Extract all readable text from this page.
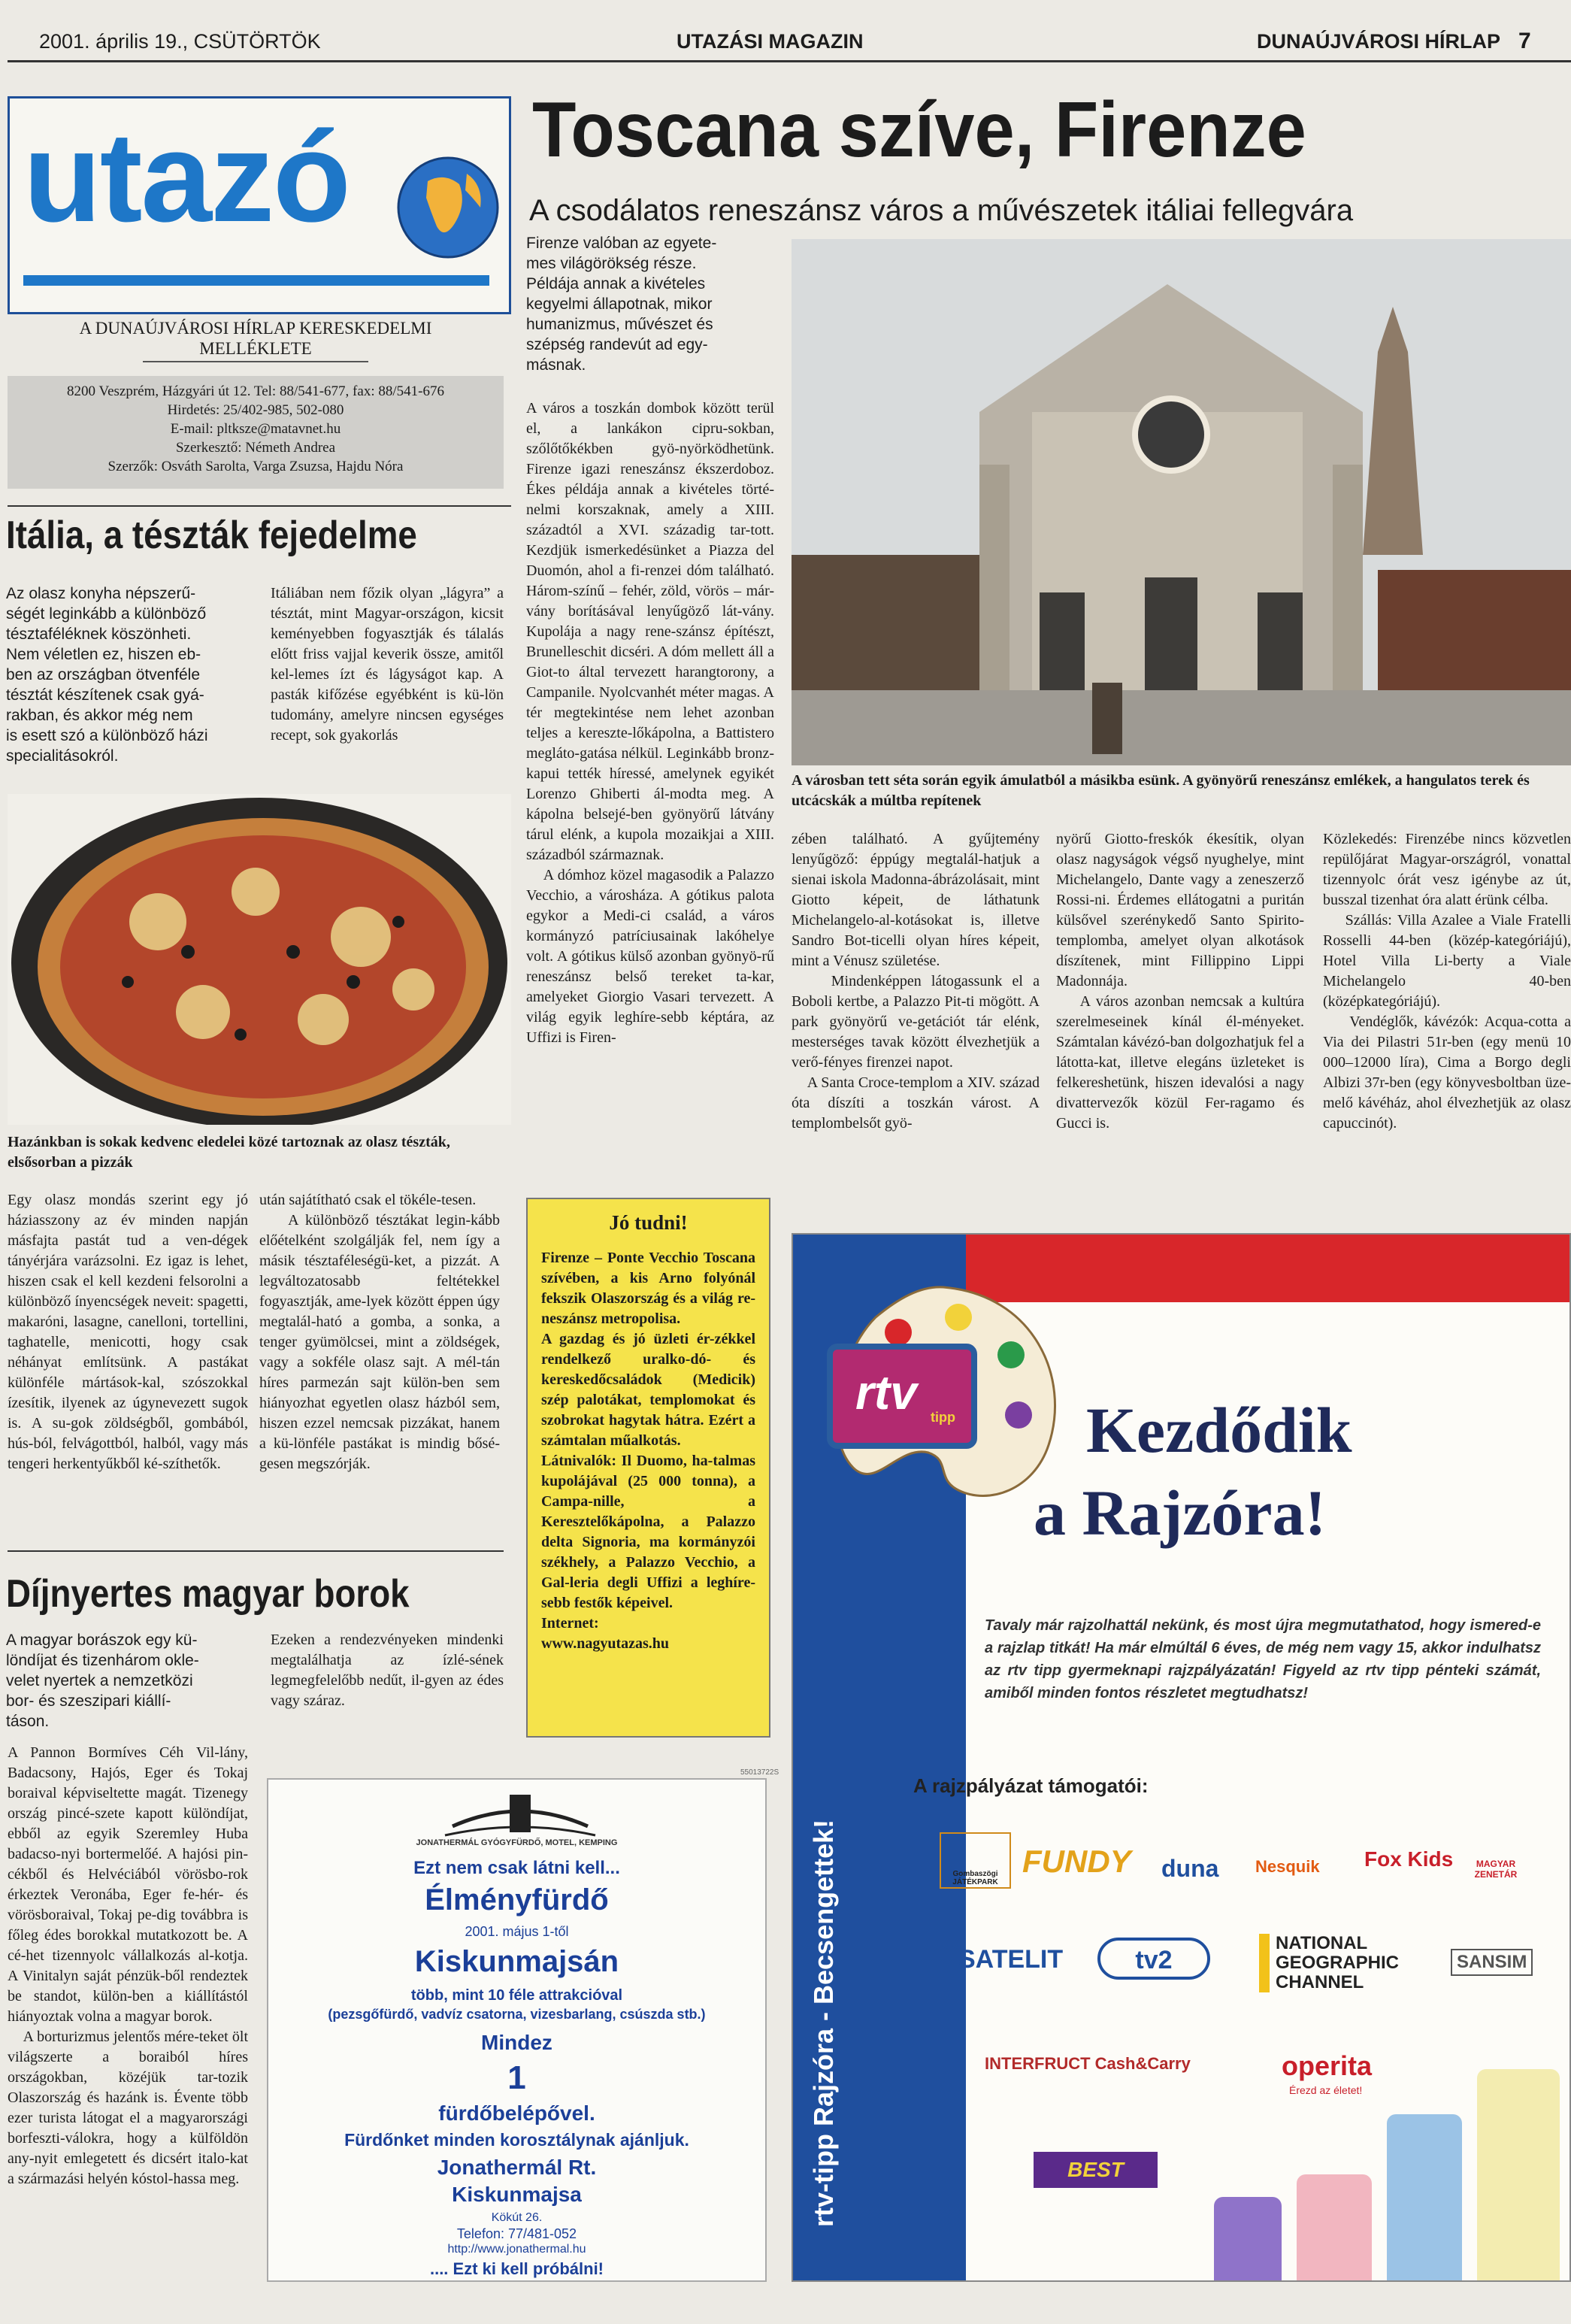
2001. április 19., CSÜTÖRTÖK	UTAZÁSI MAGAZIN	DUNAÚJVÁROSI HÍRLAP 7
utazó
A DUNAÚJVÁROSI HÍRLAP KERESKEDELMI MELLÉKLETE
8200 Veszprém, Házgyári út 12. Tel: 88/541-677, fax: 88/541-676
Hirdetés: 25/402-985, 502-080
E-mail: pltksze@matavnet.hu
Szerkesztő: Németh Andrea
Szerzők: Osváth Sarolta, Varga Zsuzsa, Hajdu Nóra
Itália, a tészták fejedelme
Az olasz konyha népszerű-
ségét leginkább a különböző
tésztaféléknek köszönheti.
Nem véletlen ez, hiszen eb-
ben az országban ötvenféle
tésztát készítenek csak gyá-
rakban, és akkor még nem
is esett szó a különböző házi
specialitásokról.
Itáliában nem főzik olyan „lágyra” a tésztát, mint Magyar-országon, kicsit keményebben fogyasztják és tálalás előtt friss vajjal keverik össze, amitől kel-lemes ízt és lágyságot kap. A pasták kifőzése egyébként is kü-lön tudomány, amelyre nincsen egységes recept, sok gyakorlás
Hazánkban is sokak kedvenc eledelei közé tartoznak az olasz tészták, elsősorban a pizzák
Egy olasz mondás szerint egy jó háziasszony az év minden napján másfajta pastát tud a ven-dégek tányérjára varázsolni. Ez igaz is lehet, hiszen csak el kell kezdeni felsorolni a különböző ínyencségek neveit: spagetti, makaróni, lasagne, canelloni, tortellini, taghatelle, menicotti, hogy csak néhányat említsünk. A pastákat különféle mártások-kal, szószokkal ízesítik, ilyenek az úgynevezett sugok is. A su-gok zöldségből, gombából, hús-ból, felvágottból, halból, vagy más tengeri herkentyűkből ké-szíthetők.
után sajátítható csak el tökéle-tesen.
A különböző tésztákat legin-kább előételként szolgálják fel, nem így a másik tésztaféleségü-ket, a pizzát. A legváltozatosabb feltétekkel fogyasztják, ame-lyek között éppen úgy megtalál-ható a gomba, a sonka, a tenger gyümölcsei, mint a zöldségek, vagy a sokféle olasz sajt. A mél-tán híres parmezán sajt külön-ben sem hiányozhat egyetlen olasz házból sem, hiszen ezzel nemcsak pizzákat, hanem a kü-lönféle pastákat is mindig bősé-gesen megszórják.
Díjnyertes magyar borok
A magyar borászok egy kü-
löndíjat és tizenhárom okle-
velet nyertek a nemzetközi
bor- és szeszipari kiállí-
táson.
Ezeken a rendezvényeken mindenki megtalálhatja az ízlé-sének legmegfelelőbb nedűt, il-gyen az édes vagy száraz.
A Pannon Bormíves Céh Vil-lány, Badacsony, Hajós, Eger és Tokaj boraival képviseltette magát. Tizenegy ország pincé-szete kapott különdíjat, ebből az egyik Szeremley Huba badacso-nyi bortermelőé. A hajósi pin-cékből és Helvéciából vörösbo-rok érkeztek Veronába, Eger fe-hér- és vörösboraival, Tokaj pe-dig továbbra is főleg édes borokkal mutatkozott be. A cé-het tizennyolc vállalkozás al-kotja. A Vinitalyn saját pénzük-ből rendeztek be standot, külön-ben a kiállítástól hiányoztak volna a magyar borok.
A borturizmus jelentős mére-teket ölt világszerte a boraiból híres országokban, közéjük tar-tozik Olaszország és hazánk is. Évente több ezer turista látogat el a magyarországi borfeszti-válokra, hogy a külföldön any-nyit emlegetett és dicsért italo-kat a származási helyén kóstol-hassa meg.
Toscana szíve, Firenze
A csodálatos reneszánsz város a művészetek itáliai fellegvára
Firenze valóban az egyete-
mes világörökség része.
Példája annak a kivételes
kegyelmi állapotnak, mikor
humanizmus, művészet és
szépség randevút ad egy-
másnak.
A város a toszkán dombok között terül el, a lankákon cipru-sokban, szőlőtőkékben gyö-nyörködhetünk. Firenze igazi reneszánsz ékszerdoboz. Ékes példája annak a kivételes törté-nelmi korszaknak, amely a XIII. századtól a XVI. századig tar-tott. Kezdjük ismerkedésünket a Piazza del Duomón, ahol a fi-renzei dóm található. Három-színű – fehér, zöld, vörös – már-vány borításával lenyűgöző lát-vány. Kupolája a nagy rene-szánsz építészt, Brunelleschit dicséri. A dóm mellett áll a Giot-to által tervezett harangtorony, a Campanile. Nyolcvanhét méter magas. A tér megtekintése nem lehet azonban teljes a kereszte-lőkápolna, a Battistero meglátо-gatása nélkül. Leginkább bronz-kapui tették híressé, amelynek egyikét Lorenzo Ghiberti ál-modta meg. A kápolna belsejé-ben gyönyörű látvány tárul elénk, a kupola mozaikjai a XIII. századból származnak.
A dómhoz közel magasodik a Palazzo Vecchio, a városháza. A gótikus palota egykor a Medi-ci család, a város kormányzó patríciusainak lakóhelye volt. A gótikus külső azonban gyönyö-rű reneszánsz belső tereket ta-kar, amelyeket Giorgio Vasari tervezett. A világ egyik leghíre-sebb képtára, az Uffizi is Firen-
A városban tett séta során egyik ámulatból a másikba esünk. A gyönyörű reneszánsz emlékek, a hangulatos terek és utcácskák a múltba repítenek
zében található. A gyűjtemény lenyűgöző: éppúgy megtalál-hatjuk a sienai iskola Madonna-ábrázolásait, mint Giotto képeit, de láthatunk Michelangelo-al-kotásokat is, illetve Sandro Bot-ticelli olyan híres képeit, mint a Vénusz születése.
Mindenképpen látogassunk el a Boboli kertbe, a Palazzo Pit-ti mögött. A park gyönyörű ve-getációt tár elénk, mesterséges tavak között élvezhetjük a verő-fényes firenzei napot.
A Santa Croce-templom a XIV. század óta díszíti a toszkán várost. A templombelsőt gyö-
nyörű Giotto-freskók ékesítik, olyan olasz nagyságok végső nyughelye, mint Michelangelo, Dante vagy a zeneszerző Rossi-ni. Érdemes ellátogatni a puritán külsővel szerénykedő Santo Spirito-templomba, amelyet olyan alkotások díszítenek, mint Fillippino Lippi Madonnája.
A város azonban nemcsak a kultúra szerelmeseinek kínál él-ményeket. Számtalan kávézó-ban dolgozhatjuk fel a látotta-kat, illetve elegáns üzleteket is felkereshetünk, hiszen idevalósi a nagy divattervezők közül Fer-ragamo és Gucci is.
Közlekedés: Firenzébe nincs közvetlen repülőjárat Magyar-országról, vonattal tizennyolc órát vesz igénybe az út, busszal tizenhat óra alatt érünk célba.
Szállás: Villa Azalee a Viale Fratelli Rosselli 44-ben (közép-kategóriájú), Hotel Villa Li-berty a Viale Michelangelo 40-ben (középkategóriájú).
Vendéglők, kávézók: Acqua-cotta a Via dei Pilastri 51r-ben (egy menü 10 000–12000 líra), Cima a Borgo degli Albizi 37r-ben (egy könyvesboltban üze-melő kávéház, ahol élvezhetjük az olasz capuccinót).
Jó tudni!
Firenze – Ponte Vecchio Toscana szívében, a kis Arno folyónál fekszik Olaszország és a világ re-neszánsz metropolisa.
A gazdag és jó üzleti ér-zékkel rendelkező uralko-dó- és kereskedőcsaládok (Medicik) szép palotákat, templomokat és szobrokat hagytak hátra. Ezért a számtalan műalkotás.
Látnivalók: Il Duomo, ha-talmas kupolájával (25 000 tonna), a Campa-nille, a Keresztelőkápolna, a Palazzo delta Signoria, ma kormányzói székhely, a Palazzo Vecchio, a Gal-leria degli Uffizi a leghíre-sebb festők képeivel.
Internet:
www.nagyutazas.hu
55013722S
JONATHERMÁL GYÓGYFÜRDŐ, MOTEL, KEMPING
Ezt nem csak látni kell...
Élményfürdő
2001. május 1-től
Kiskunmajsán
több, mint 10 féle attrakcióval
(pezsgőfürdő, vadvíz csatorna, vizesbarlang, csúszda stb.)
Mindez
1
fürdőbelépővel.
Fürdőnket minden korosztálynak ajánljuk.
Jonathermál Rt.
Kiskunmajsa
Kökút 26.
Telefon: 77/481-052
http://www.jonathermal.hu
.... Ezt ki kell próbálni!
rtv tipp
rtv-tipp Rajzóra - Becsengettek!
Kezdődik
a Rajzóra!
Tavaly már rajzolhattál nekünk, és most újra megmutathatod, hogy ismered-e a rajzlap titkát! Ha már elmúltál 6 éves, de még nem vagy 15, akkor indulhatsz az rtv tipp gyermeknapi rajzpályázatán! Figyeld az rtv tipp pénteki számát, amiből minden fontos részletet megtudhatsz!
A rajzpályázat támogatói:
Gombaszögi JÁTÉKPARK
FUNDY duna Nesquik Fox Kids	MAGYAR ZENETÁR
SATELIT	tv2
NATIONAL GEOGRAPHIC CHANNEL
SANSIM
INTERFRUCT Cash&Carry	operita
Érezd az életet!
BEST
